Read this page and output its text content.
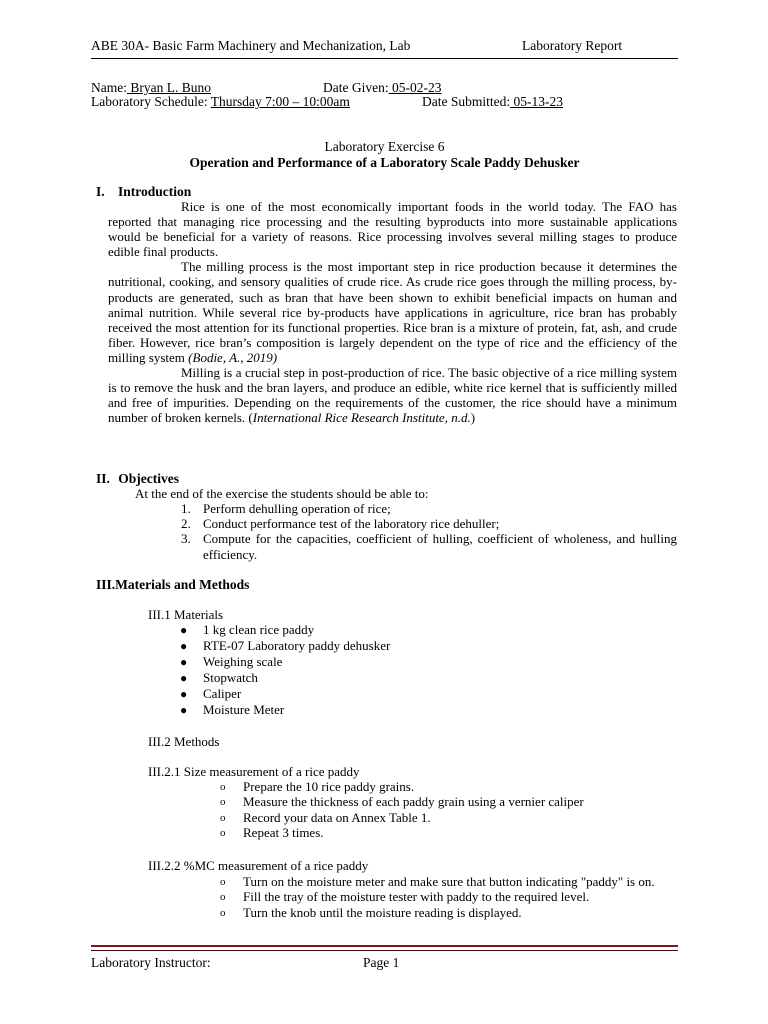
ABE 30A- Basic Farm Machinery and Mechanization, Lab	Laboratory Report
Name: Bryan L. Buno	Date Given: 05-02-23
Laboratory Schedule: Thursday 7:00 – 10:00am	Date Submitted: 05-13-23
Laboratory Exercise 6
Operation and Performance of a Laboratory Scale Paddy Dehusker
I. Introduction

Rice is one of the most economically important foods in the world today. The FAO has reported that managing rice processing and the resulting byproducts into more sustainable applications would be beneficial for a variety of reasons. Rice processing involves several milling stages to produce edible final products.

The milling process is the most important step in rice production because it determines the nutritional, cooking, and sensory qualities of crude rice. As crude rice goes through the milling process, by-products are generated, such as bran that have been shown to exhibit beneficial impacts on human and animal nutrition. While several rice by-products have applications in agriculture, rice bran has probably received the most attention for its functional properties. Rice bran is a mixture of protein, fat, ash, and crude fiber. However, rice bran’s composition is largely dependent on the type of rice and the efficiency of the milling system (Bodie, A., 2019)

Milling is a crucial step in post-production of rice. The basic objective of a rice milling system is to remove the husk and the bran layers, and produce an edible, white rice kernel that is sufficiently milled and free of impurities. Depending on the requirements of the customer, the rice should have a minimum number of broken kernels. (International Rice Research Institute, n.d.)

II. Objectives
At the end of the exercise the students should be able to:
1. Perform dehulling operation of rice;
2. Conduct performance test of the laboratory rice dehuller;
3. Compute for the capacities, coefficient of hulling, coefficient of wholeness, and hulling efficiency.
III.Materials and Methods
III.1 Materials
● 1 kg clean rice paddy
● RTE-07 Laboratory paddy dehusker
● Weighing scale
● Stopwatch
● Caliper
● Moisture Meter
III.2 Methods
III.2.1 Size measurement of a rice paddy
o Prepare the 10 rice paddy grains.
o Measure the thickness of each paddy grain using a vernier caliper
o Record your data on Annex Table 1.
o Repeat 3 times.
III.2.2 %MC measurement of a rice paddy
o Turn on the moisture meter and make sure that button indicating "paddy" is on.
o Fill the tray of the moisture tester with paddy to the required level.
o Turn the knob until the moisture reading is displayed.
Laboratory Instructor:	Page 1
